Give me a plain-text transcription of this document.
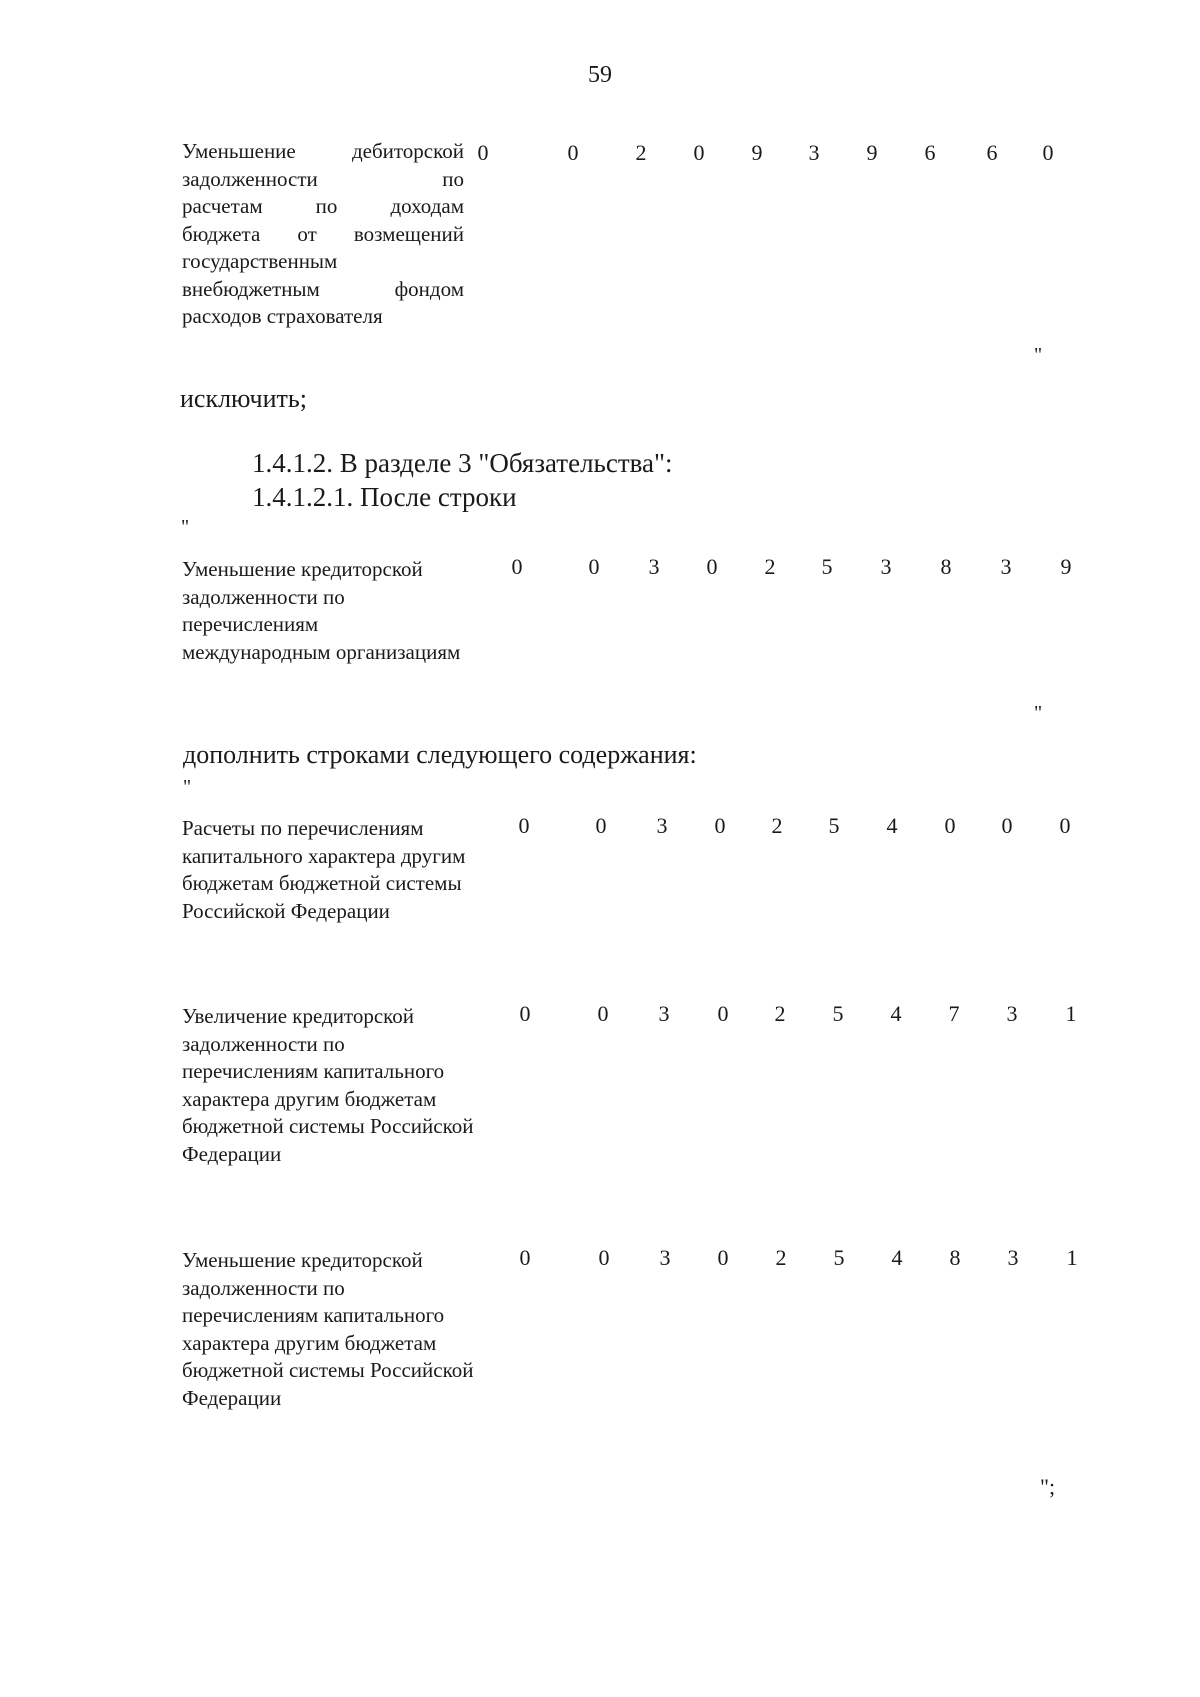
59
Уменьшение дебиторской
задолженности по
расчетам по доходам
бюджета от возмещений
государственным
внебюджетным фондом
расходов страхователя
0	0	2 0 9 3 9 6 6 0
"
исключить;
1.4.1.2. В разделе 3 "Обязательства":
1.4.1.2.1. После строки
"
Уменьшение кредиторской задолженности по перечислениям международным организациям
0	0 3 0 2 5 3 8 3 9
"
дополнить строками следующего содержания:
"
Расчеты по перечислениям капитального характера другим бюджетам бюджетной системы Российской Федерации
0	0 3 0 2 5 4 0 0 0
Увеличение кредиторской задолженности по перечислениям капитального характера другим бюджетам бюджетной системы Российской Федерации
0	0 3 0 2 5 4 7 3 1
Уменьшение кредиторской задолженности по перечислениям капитального характера другим бюджетам бюджетной системы Российской Федерации
0	0 3 0 2 5 4 8 3 1
";
